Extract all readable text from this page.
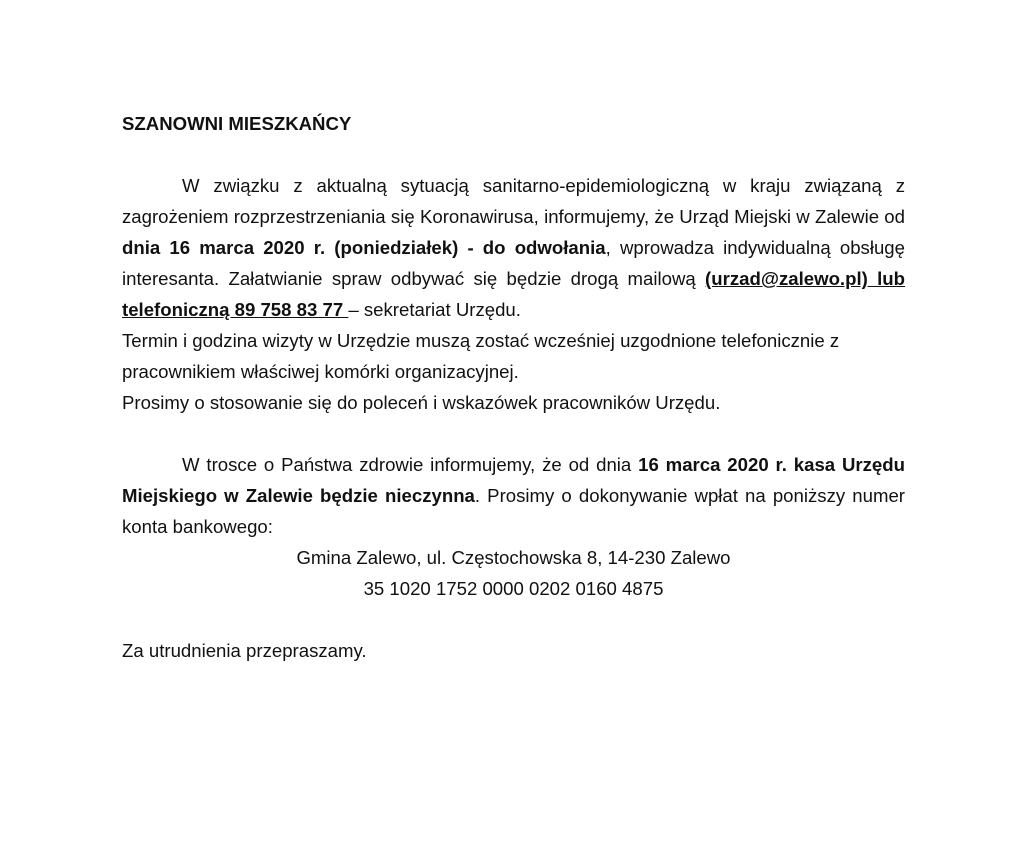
SZANOWNI MIESZKAŃCY

W związku z aktualną sytuacją sanitarno-epidemiologiczną w kraju związaną z zagrożeniem rozprzestrzeniania się Koronawirusa, informujemy, że Urząd Miejski w Zalewie od dnia 16 marca 2020 r. (poniedziałek) - do odwołania, wprowadza indywidualną obsługę interesanta. Załatwianie spraw odbywać się będzie drogą mailową (urzad@zalewo.pl) lub telefoniczną 89 758 83 77 – sekretariat Urzędu.

Termin i godzina wizyty w Urzędzie muszą zostać wcześniej uzgodnione telefonicznie z pracownikiem właściwej komórki organizacyjnej.

Prosimy o stosowanie się do poleceń i wskazówek pracowników Urzędu.

W trosce o Państwa zdrowie informujemy, że od dnia 16 marca 2020 r. kasa Urzędu Miejskiego w Zalewie będzie nieczynna. Prosimy o dokonywanie wpłat na poniższy numer konta bankowego:

Gmina Zalewo, ul. Częstochowska 8, 14-230 Zalewo

35 1020 1752 0000 0202 0160 4875

Za utrudnienia przepraszamy.
